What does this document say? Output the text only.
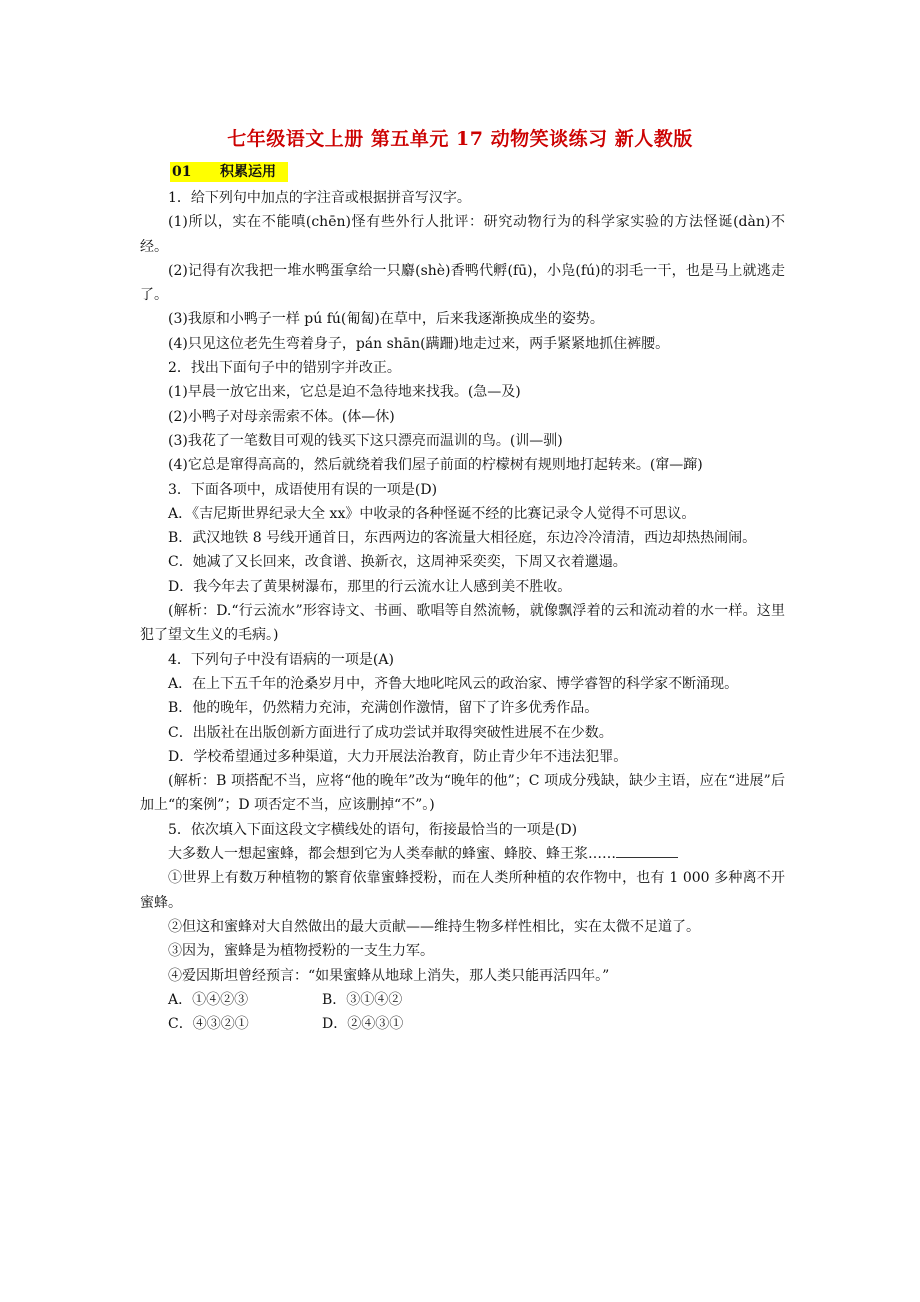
七年级语文上册 第五单元 17 动物笑谈练习 新人教版
01 积累运用

1．给下列句中加点的字注音或根据拼音写汉字。

(1)所以，实在不能嗔(chēn)怪有些外行人批评：研究动物行为的科学家实验的方法怪诞(dàn)不经。

(2)记得有次我把一堆水鸭蛋拿给一只麝(shè)香鸭代孵(fū)，小凫(fú)的羽毛一干，也是马上就逃走了。

(3)我原和小鸭子一样 pú fú(匍匐)在草中，后来我逐渐换成坐的姿势。

(4)只见这位老先生弯着身子，pán shān(蹒跚)地走过来，两手紧紧地抓住裤腰。

2．找出下面句子中的错别字并改正。

(1)早晨一放它出来，它总是迫不急待地来找我。(急—及)

(2)小鸭子对母亲需索不体。(体—休)

(3)我花了一笔数目可观的钱买下这只漂亮而温训的鸟。(训—驯)

(4)它总是窜得高高的，然后就绕着我们屋子前面的柠檬树有规则地打起转来。(窜—蹿)

3．下面各项中，成语使用有误的一项是(D)

A．《吉尼斯世界纪录大全 xx》中收录的各种怪诞不经的比赛记录令人觉得不可思议。

B．武汉地铁 8 号线开通首日，东西两边的客流量大相径庭，东边冷冷清清，西边却热热闹闹。

C．她减了又长回来，改食谱、换新衣，这周神采奕奕，下周又衣着邋遢。

D．我今年去了黄果树瀑布，那里的行云流水让人感到美不胜收。

(解析：D.“行云流水”形容诗文、书画、歌唱等自然流畅，就像飘浮着的云和流动着的水一样。这里犯了望文生义的毛病。)

4．下列句子中没有语病的一项是(A)

A．在上下五千年的沧桑岁月中，齐鲁大地叱咤风云的政治家、博学睿智的科学家不断涌现。

B．他的晚年，仍然精力充沛，充满创作激情，留下了许多优秀作品。

C．出版社在出版创新方面进行了成功尝试并取得突破性进展不在少数。

D．学校希望通过多种渠道，大力开展法治教育，防止青少年不违法犯罪。

(解析：B 项搭配不当，应将“他的晚年”改为“晚年的他”；C 项成分残缺，缺少主语，应在“进展”后加上“的案例”；D 项否定不当，应该删掉“不”。)

5．依次填入下面这段文字横线处的语句，衔接最恰当的一项是(D)

大多数人一想起蜜蜂，都会想到它为人类奉献的蜂蜜、蜂胶、蜂王浆……

①世界上有数万种植物的繁育依靠蜜蜂授粉，而在人类所种植的农作物中，也有 1 000 多种离不开蜜蜂。

②但这和蜜蜂对大自然做出的最大贡献——维持生物多样性相比，实在太微不足道了。

③因为，蜜蜂是为植物授粉的一支生力军。

④爱因斯坦曾经预言：“如果蜜蜂从地球上消失，那人类只能再活四年。”

A．①④②③	B．③①④②
C．④③②①	D．②④③①
